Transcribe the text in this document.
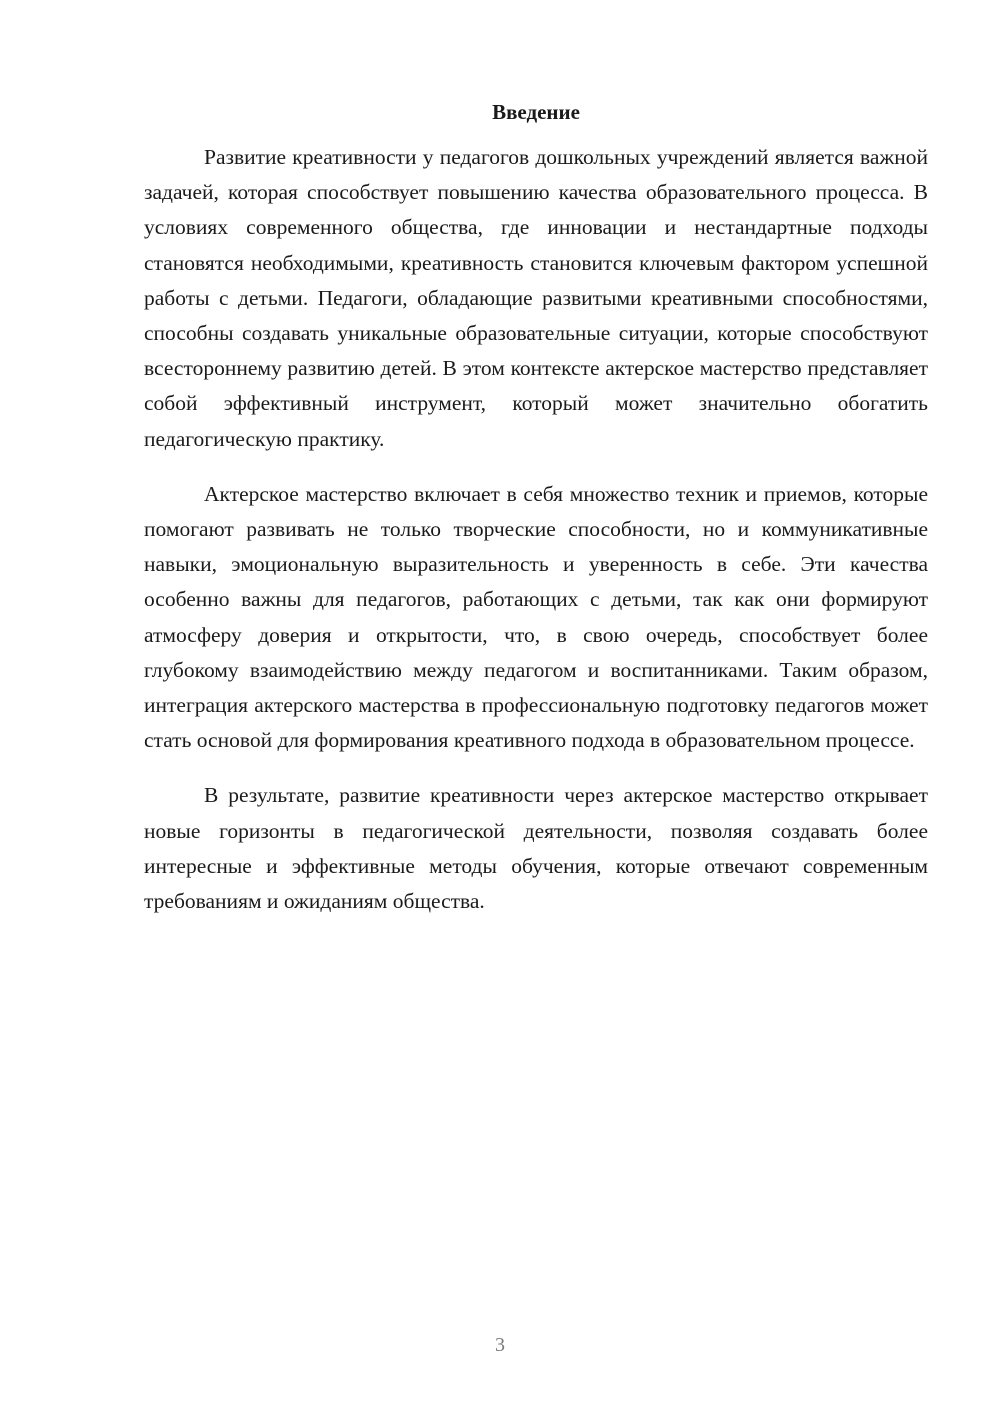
Введение

Развитие креативности у педагогов дошкольных учреждений является важной задачей, которая способствует повышению качества образовательного процесса. В условиях современного общества, где инновации и нестандартные подходы становятся необходимыми, креативность становится ключевым фактором успешной работы с детьми. Педагоги, обладающие развитыми креативными способностями, способны создавать уникальные образовательные ситуации, которые способствуют всестороннему развитию детей. В этом контексте актерское мастерство представляет собой эффективный инструмент, который может значительно обогатить педагогическую практику.

Актерское мастерство включает в себя множество техник и приемов, которые помогают развивать не только творческие способности, но и коммуникативные навыки, эмоциональную выразительность и уверенность в себе. Эти качества особенно важны для педагогов, работающих с детьми, так как они формируют атмосферу доверия и открытости, что, в свою очередь, способствует более глубокому взаимодействию между педагогом и воспитанниками. Таким образом, интеграция актерского мастерства в профессиональную подготовку педагогов может стать основой для формирования креативного подхода в образовательном процессе.

В результате, развитие креативности через актерское мастерство открывает новые горизонты в педагогической деятельности, позволяя создавать более интересные и эффективные методы обучения, которые отвечают современным требованиям и ожиданиям общества.

3
